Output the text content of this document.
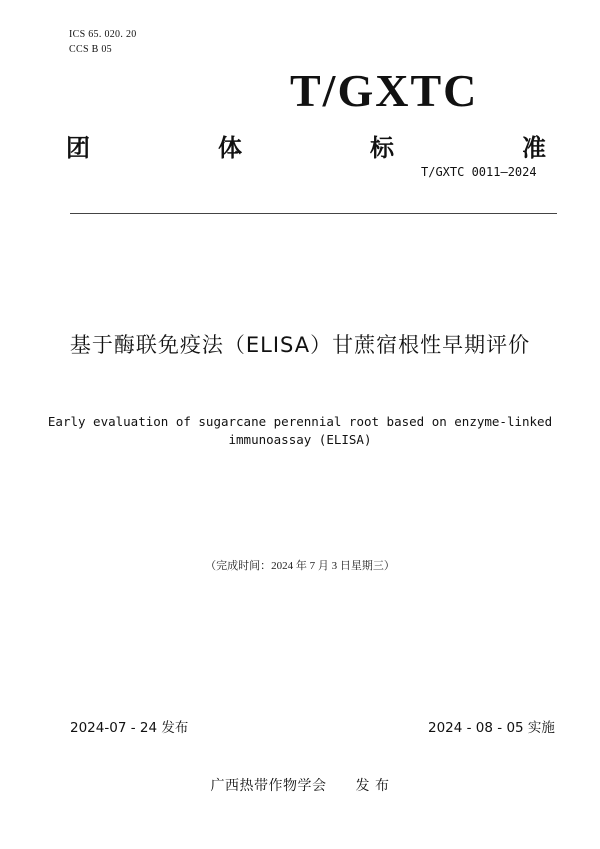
ICS 65. 020. 20
CCS B 05
T/GXTC
团	体	标	准
T/GXTC 0011—2024
基于酶联免疫法（ELISA）甘蔗宿根性早期评价
Early evaluation of sugarcane perennial root based on enzyme-linked immunoassay (ELISA)
（完成时间：2024 年 7 月 3 日星期三）
2024-07 - 24 发布	2024 - 08 - 05 实施
广西热带作物学会　　发 布
